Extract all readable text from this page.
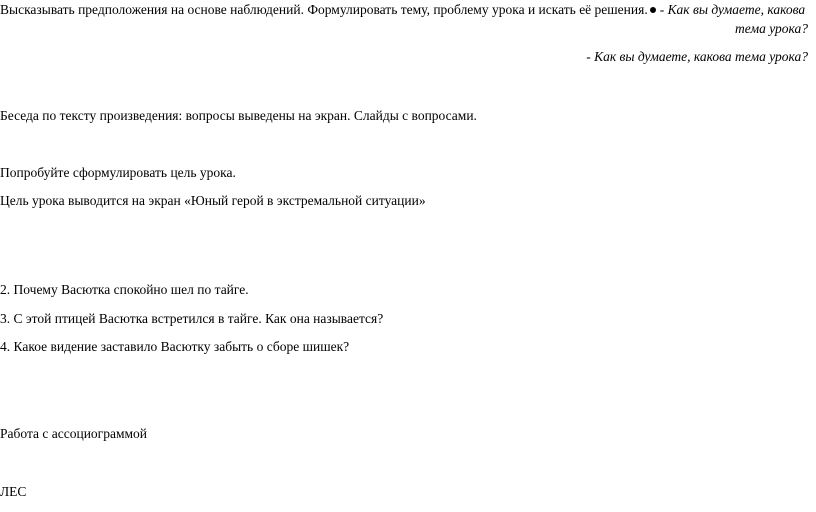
Высказывать предположения на основе наблюдений. Формулировать тему, проблему урока и искать её решения. - Как вы думаете, какова
тема урока?
- Как вы думаете, какова тема урока?
Беседа по тексту произведения: вопросы выведены на экран. Слайды с вопросами.
Попробуйте сформулировать цель урока.
Цель урока выводится на экран «Юный герой в экстремальной ситуации»
2. Почему Васютка спокойно шел по тайге.
3. С этой птицей Васютка встретился в тайге. Как она называется?
4. Какое видение заставило Васютку забыть о сборе шишек?
Работа с ассоциограммой
ЛЕС
